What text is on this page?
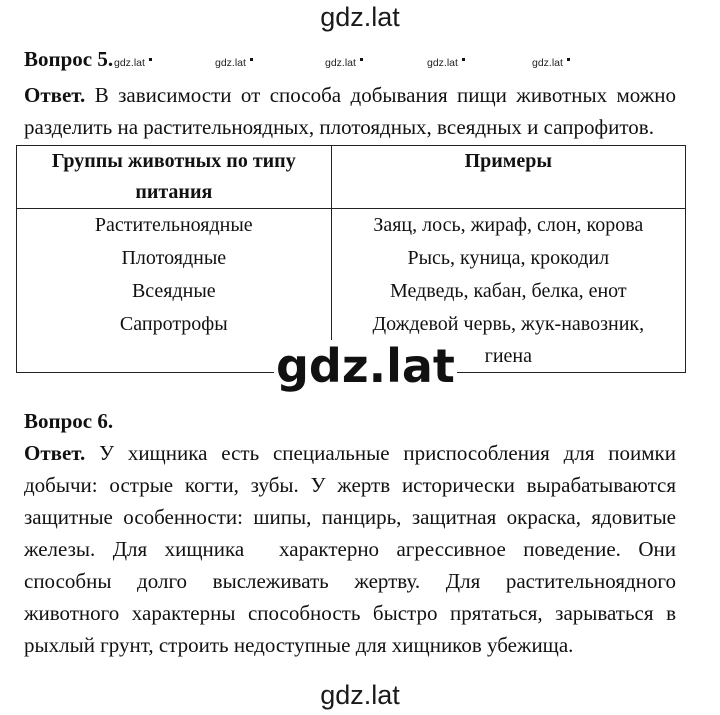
gdz.lat
Вопрос 5. gdz.lat	gdz.lat	gdz.lat	gdz.lat	gdz.lat
Ответ. В зависимости от способа добывания пищи животных можно
разделить на растительноядных, плотоядных, всеядных и сапрофитов.
Группы животных по типу
питания	Примеры
Растительноядные	Заяц, лось, жираф, слон, корова
Плотоядные	Рысь, куница, крокодил
Всеядные	Медведь, кабан, белка, енот
Сапротрофы	Дождевой червь, жук-навозник,
гиена
gdz.lat
Вопрос 6.
Ответ. У хищника есть специальные приспособления для поимки
добычи: острые когти, зубы. У жертв исторически вырабатываются
защитные особенности: шипы, панцирь, защитная окраска, ядовитые
железы. Для хищника  характерно агрессивное поведение. Они
способны долго выслеживать жертву. Для растительноядного
животного характерны способность быстро прятаться, зарываться в
рыхлый грунт, строить недоступные для хищников убежища.
gdz.lat
